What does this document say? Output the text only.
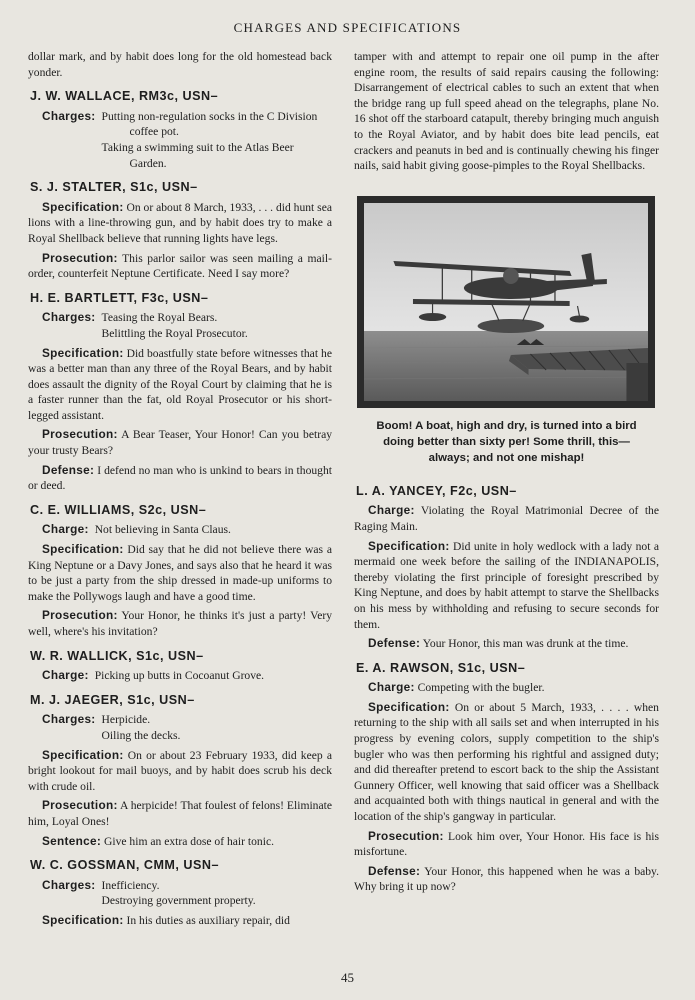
CHARGES AND SPECIFICATIONS
dollar mark, and by habit does long for the old homestead back yonder.
J. W. WALLACE, RM3c, USN–
Charges: Putting non-regulation socks in the C Division coffee pot.
Taking a swimming suit to the Atlas Beer Garden.
S. J. STALTER, S1c, USN–
Specification: On or about 8 March, 1933, . . . did hunt sea lions with a line-throwing gun, and by habit does try to make a Royal Shellback believe that running lights have legs.
Prosecution: This parlor sailor was seen mailing a mail-order, counterfeit Neptune Certificate. Need I say more?
H. E. BARTLETT, F3c, USN–
Charges: Teasing the Royal Bears.
Belittling the Royal Prosecutor.
Specification: Did boastfully state before witnesses that he was a better man than any three of the Royal Bears, and by habit does assault the dignity of the Royal Court by claiming that he is a faster runner than the fat, old Royal Prosecutor or his short-legged assistant.
Prosecution: A Bear Teaser, Your Honor! Can you betray your trusty Bears?
Defense: I defend no man who is unkind to bears in thought or deed.
C. E. WILLIAMS, S2c, USN–
Charge: Not believing in Santa Claus.
Specification: Did say that he did not believe there was a King Neptune or a Davy Jones, and says also that he heard it was to be just a party from the ship dressed in made-up uniforms to make the Pollywogs laugh and have a good time.
Prosecution: Your Honor, he thinks it's just a party! Very well, where's his invitation?
W. R. WALLICK, S1c, USN–
Charge: Picking up butts in Cocoanut Grove.
M. J. JAEGER, S1c, USN–
Charges: Herpicide.
Oiling the decks.
Specification: On or about 23 February 1933, did keep a bright lookout for mail buoys, and by habit does scrub his deck with crude oil.
Prosecution: A herpicide! That foulest of felons! Eliminate him, Loyal Ones!
Sentence: Give him an extra dose of hair tonic.
W. C. GOSSMAN, CMM, USN–
Charges: Inefficiency.
Destroying government property.
Specification: In his duties as auxiliary repair, did
tamper with and attempt to repair one oil pump in the after engine room, the results of said repairs causing the following: Disarrangement of electrical cables to such an extent that when the bridge rang up full speed ahead on the telegraphs, plane No. 16 shot off the starboard catapult, thereby bringing much anguish to the Royal Aviator, and by habit does bite lead pencils, eat crackers and peanuts in bed and is continually chewing his finger nails, said habit giving goose-pimples to the Royal Shellbacks.
Boom! A boat, high and dry, is turned into a bird doing better than sixty per! Some thrill, this— always; and not one mishap!
L. A. YANCEY, F2c, USN–
Charge: Violating the Royal Matrimonial Decree of the Raging Main.
Specification: Did unite in holy wedlock with a lady not a mermaid one week before the sailing of the INDIANAPOLIS, thereby violating the first principle of foresight prescribed by King Neptune, and does by habit attempt to starve the Shellbacks on his mess by withholding and refusing to secure seconds for them.
Defense: Your Honor, this man was drunk at the time.
E. A. RAWSON, S1c, USN–
Charge: Competing with the bugler.
Specification: On or about 5 March, 1933, . . . . when returning to the ship with all sails set and when interrupted in his progress by evening colors, supply competition to the ship's bugler who was then performing his rightful and assigned duty; and did thereafter pretend to escort back to the ship the Assistant Gunnery Officer, well knowing that said officer was a Shellback and acquainted both with things nautical in general and with the location of the ship's gangway in particular.
Prosecution: Look him over, Your Honor. His face is his misfortune.
Defense: Your Honor, this happened when he was a baby. Why bring it up now?
45
